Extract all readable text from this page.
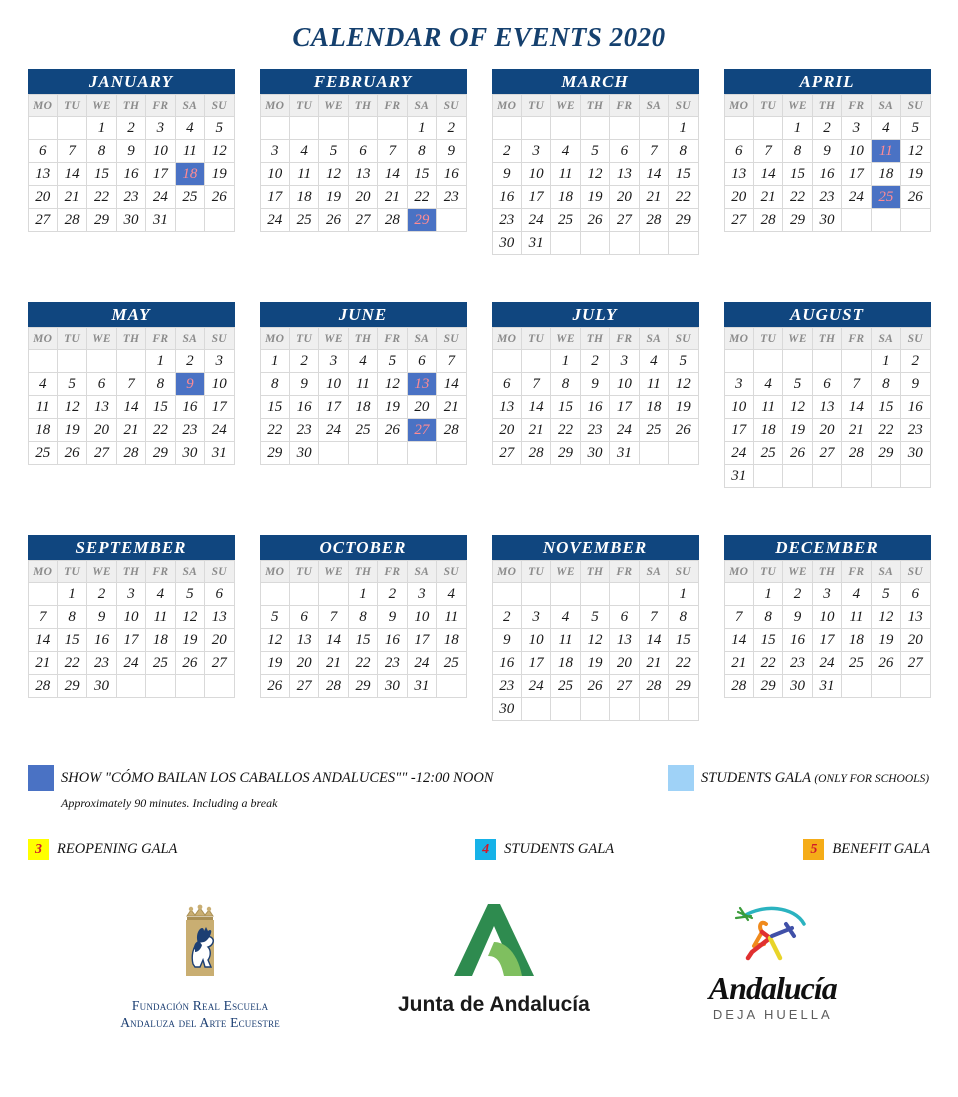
CALENDAR OF EVENTS 2020
JANUARY
MO	TU	WE	TH	FR	SA	SU
		1	2	3	4	5
6	7	8	9	10	11	12
13	14	15	16	17	18	19
20	21	22	23	24	25	26
27	28	29	30	31		
FEBRUARY
MO	TU	WE	TH	FR	SA	SU
					1	2
3	4	5	6	7	8	9
10	11	12	13	14	15	16
17	18	19	20	21	22	23
24	25	26	27	28	29	
MARCH
MO	TU	WE	TH	FR	SA	SU
						1
2	3	4	5	6	7	8
9	10	11	12	13	14	15
16	17	18	19	20	21	22
23	24	25	26	27	28	29
30	31					
APRIL
MO	TU	WE	TH	FR	SA	SU
		1	2	3	4	5
6	7	8	9	10	11	12
13	14	15	16	17	18	19
20	21	22	23	24	25	26
27	28	29	30			
MAY
MO	TU	WE	TH	FR	SA	SU
				1	2	3
4	5	6	7	8	9	10
11	12	13	14	15	16	17
18	19	20	21	22	23	24
25	26	27	28	29	30	31
JUNE
MO	TU	WE	TH	FR	SA	SU
1	2	3	4	5	6	7
8	9	10	11	12	13	14
15	16	17	18	19	20	21
22	23	24	25	26	27	28
29	30					
JULY
MO	TU	WE	TH	FR	SA	SU
		1	2	3	4	5
6	7	8	9	10	11	12
13	14	15	16	17	18	19
20	21	22	23	24	25	26
27	28	29	30	31		
AUGUST
MO	TU	WE	TH	FR	SA	SU
					1	2
3	4	5	6	7	8	9
10	11	12	13	14	15	16
17	18	19	20	21	22	23
24	25	26	27	28	29	30
31						
SEPTEMBER
MO	TU	WE	TH	FR	SA	SU
	1	2	3	4	5	6
7	8	9	10	11	12	13
14	15	16	17	18	19	20
21	22	23	24	25	26	27
28	29	30				
OCTOBER
MO	TU	WE	TH	FR	SA	SU
			1	2	3	4
5	6	7	8	9	10	11
12	13	14	15	16	17	18
19	20	21	22	23	24	25
26	27	28	29	30	31	
NOVEMBER
MO	TU	WE	TH	FR	SA	SU
						1
2	3	4	5	6	7	8
9	10	11	12	13	14	15
16	17	18	19	20	21	22
23	24	25	26	27	28	29
30						
DECEMBER
MO	TU	WE	TH	FR	SA	SU
	1	2	3	4	5	6
7	8	9	10	11	12	13
14	15	16	17	18	19	20
21	22	23	24	25	26	27
28	29	30	31			
SHOW "CÓMO BAILAN LOS CABALLOS ANDALUCES"" -12:00 NOON
Approximately 90 minutes. Including a break
STUDENTS GALA (ONLY FOR SCHOOLS)
3	REOPENING GALA	4	STUDENTS GALA	5	BENEFIT GALA
Fundación Real Escuela
Andaluza del Arte Ecuestre
Junta de Andalucía	Andalucía
DEJA HUELLA
